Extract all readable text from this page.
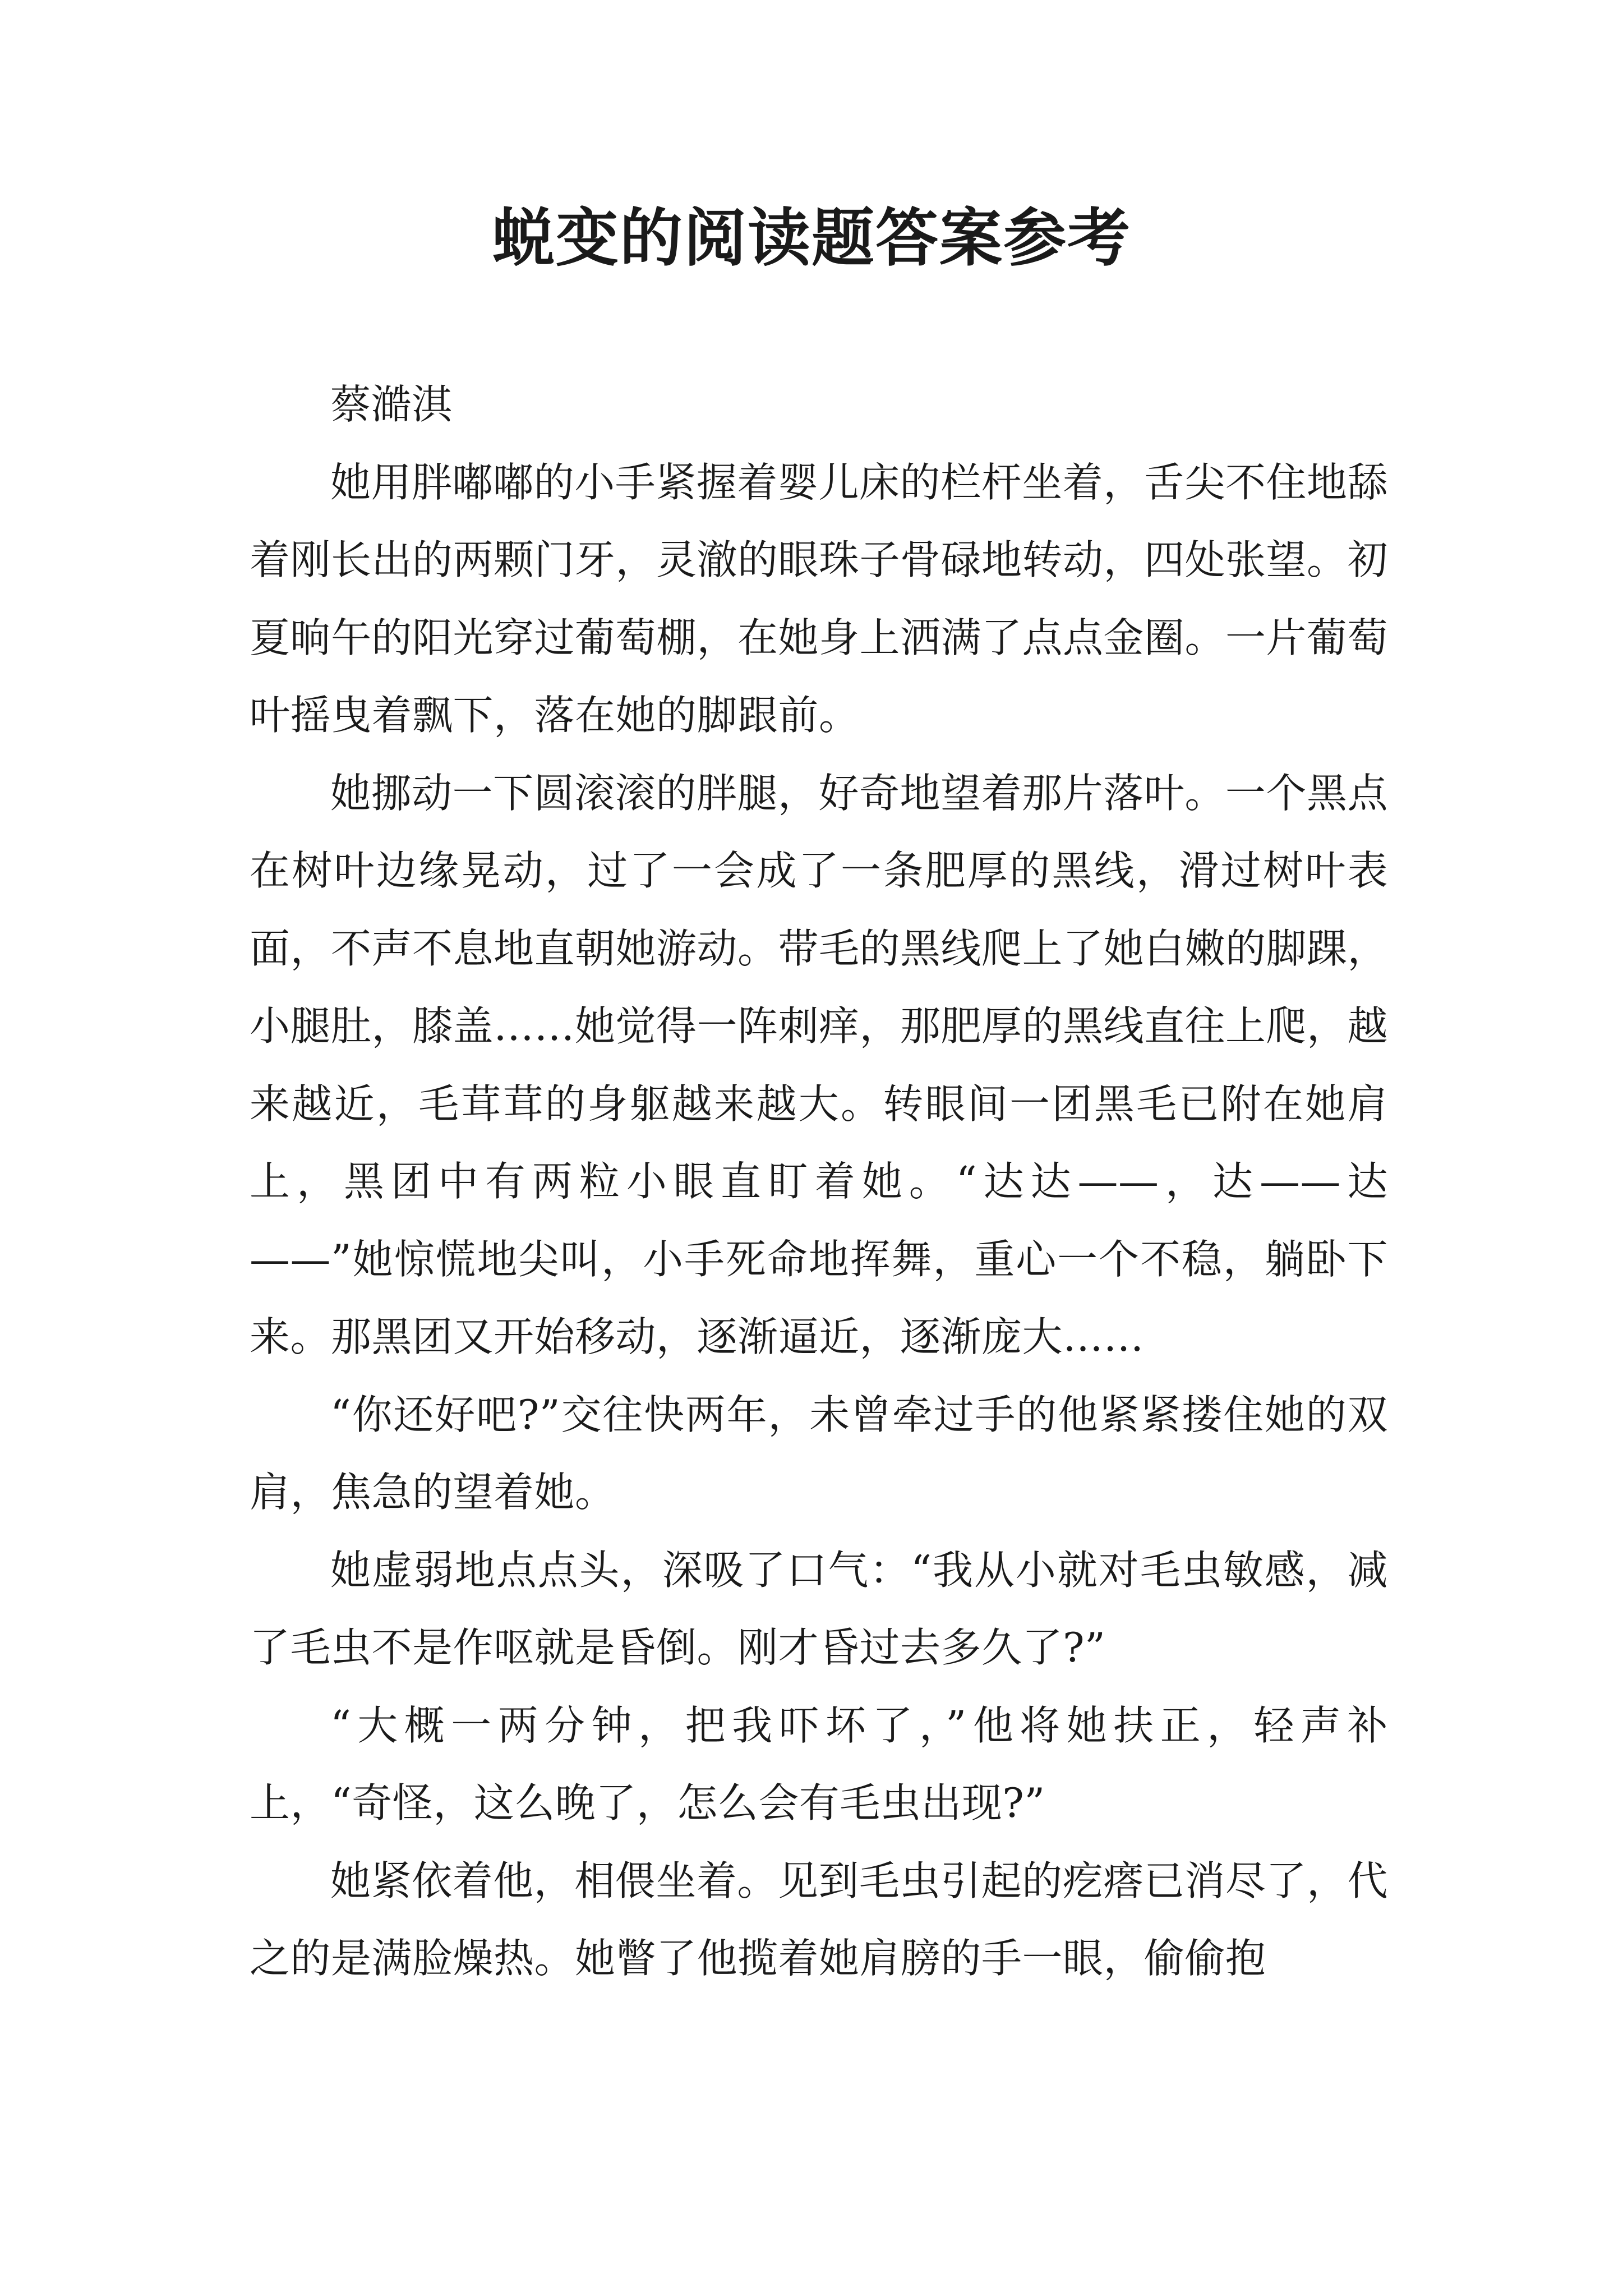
蜕变的阅读题答案参考

蔡澔淇

她用胖嘟嘟的小手紧握着婴儿床的栏杆坐着，舌尖不住地舔着刚长出的两颗门牙，灵澈的眼珠子骨碌地转动，四处张望。初夏晌午的阳光穿过葡萄棚，在她身上洒满了点点金圈。一片葡萄叶摇曳着飘下，落在她的脚跟前。

她挪动一下圆滚滚的胖腿，好奇地望着那片落叶。一个黑点在树叶边缘晃动，过了一会成了一条肥厚的黑线，滑过树叶表面，不声不息地直朝她游动。带毛的黑线爬上了她白嫩的脚踝，小腿肚，膝盖……她觉得一阵刺痒，那肥厚的黑线直往上爬，越来越近，毛茸茸的身躯越来越大。转眼间一团黑毛已附在她肩上，黑团中有两粒小眼直盯着她。“达达——，达——达——”她惊慌地尖叫，小手死命地挥舞，重心一个不稳，躺卧下来。那黑团又开始移动，逐渐逼近，逐渐庞大……

“你还好吧?”交往快两年，未曾牵过手的他紧紧搂住她的双肩，焦急的望着她。

她虚弱地点点头，深吸了口气：“我从小就对毛虫敏感，减了毛虫不是作呕就是昏倒。刚才昏过去多久了?”

“大概一两分钟，把我吓坏了，”他将她扶正，轻声补上，“奇怪，这么晚了，怎么会有毛虫出现?”

她紧依着他，相偎坐着。见到毛虫引起的疙瘩已消尽了，代之的是满脸燥热。她瞥了他揽着她肩膀的手一眼，偷偷抱
